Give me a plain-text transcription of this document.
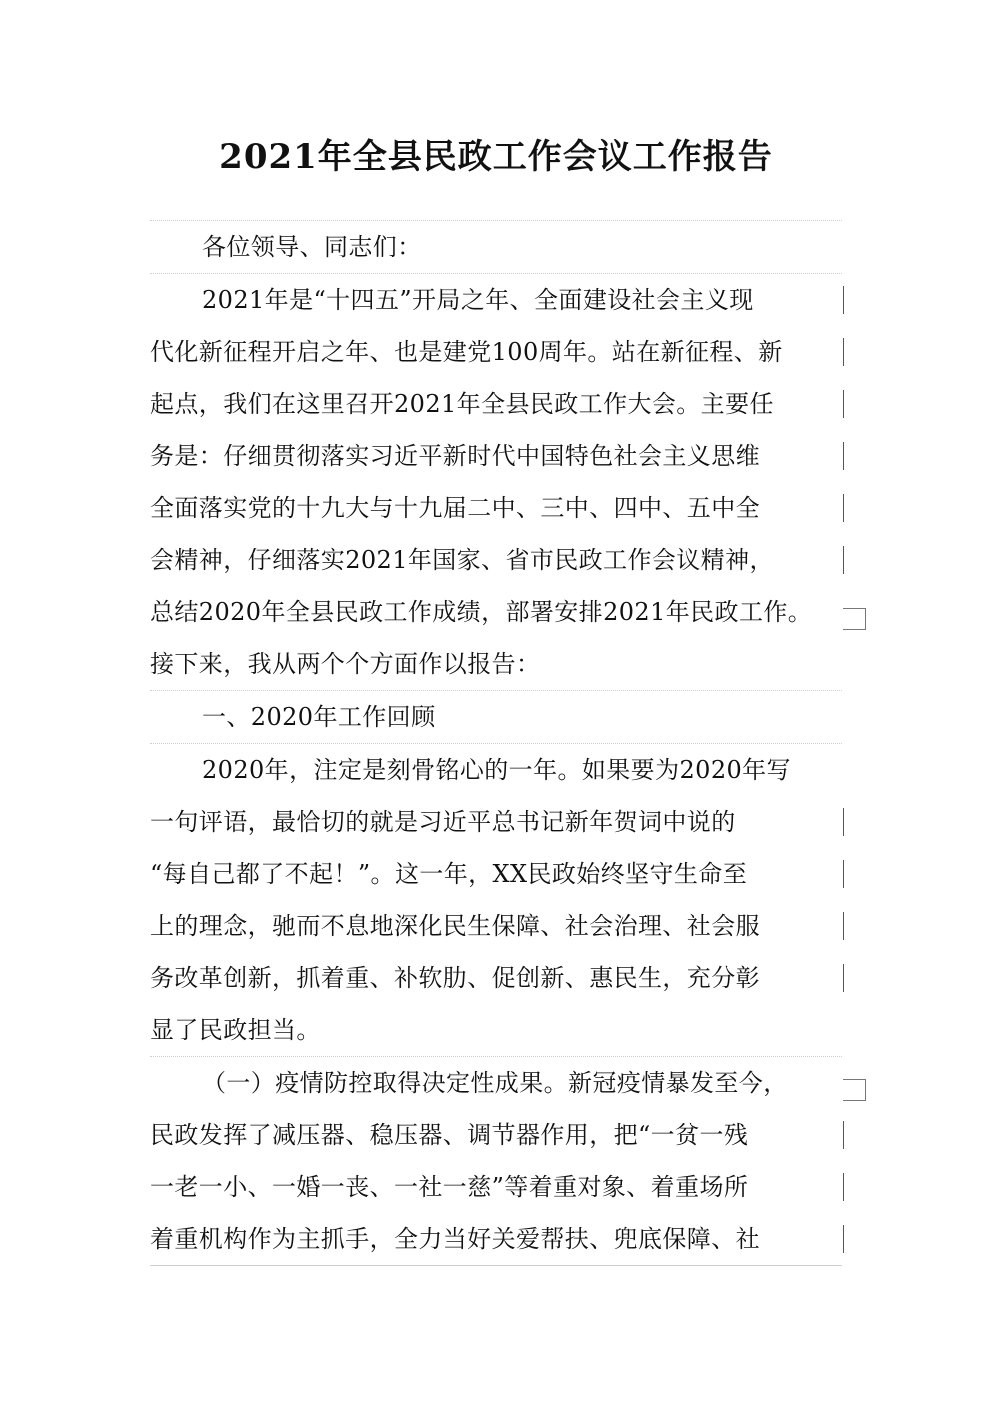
2021年全县民政工作会议工作报告
各位领导、同志们：
2021年是“十四五”开局之年、全面建设社会主义现
代化新征程开启之年、也是建党100周年。站在新征程、新
起点，我们在这里召开2021年全县民政工作大会。主要任
务是：仔细贯彻落实习近平新时代中国特色社会主义思维
全面落实党的十九大与十九届二中、三中、四中、五中全
会精神，仔细落实2021年国家、省市民政工作会议精神，
总结2020年全县民政工作成绩，部署安排2021年民政工作。
接下来，我从两个个方面作以报告：
一、2020年工作回顾
2020年，注定是刻骨铭心的一年。如果要为2020年写
一句评语，最恰切的就是习近平总书记新年贺词中说的
“每自己都了不起！”。这一年，XX民政始终坚守生命至
上的理念，驰而不息地深化民生保障、社会治理、社会服
务改革创新，抓着重、补软肋、促创新、惠民生，充分彰
显了民政担当。
（一）疫情防控取得决定性成果。新冠疫情暴发至今，
民政发挥了减压器、稳压器、调节器作用，把“一贫一残
一老一小、一婚一丧、一社一慈”等着重对象、着重场所
着重机构作为主抓手，全力当好关爱帮扶、兜底保障、社
